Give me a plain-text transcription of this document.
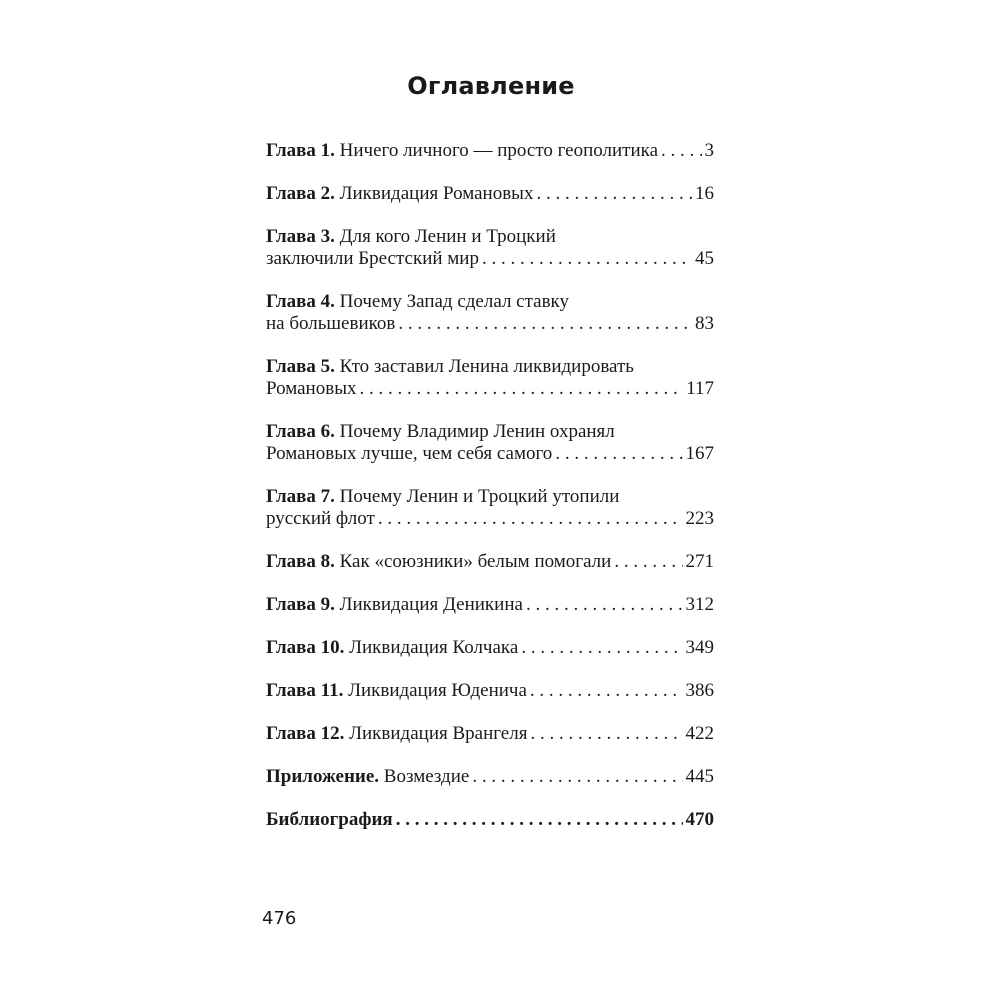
Оглавление
Глава 1. Ничего личного — просто геополитика . . . 3
Глава 2. Ликвидация Романовых . . .	16
Глава 3. Для кого Ленин и Троцкий
заключили Брестский мир . . .	45
Глава 4. Почему Запад сделал ставку
на большевиков . . .	83
Глава 5. Кто заставил Ленина ликвидировать
Романовых . . .	117
Глава 6. Почему Владимир Ленин охранял
Романовых лучше, чем себя самого . . .	167
Глава 7. Почему Ленин и Троцкий утопили
русский флот . . .	223
Глава 8. Как «союзники» белым помогали . . .	271
Глава 9. Ликвидация Деникина . . .	312
Глава 10. Ликвидация Колчака . . .	349
Глава 11. Ликвидация Юденича . . .	386
Глава 12. Ликвидация Врангеля . . .	422
Приложение. Возмездие . . .	445
Библиография . . .	470
476
